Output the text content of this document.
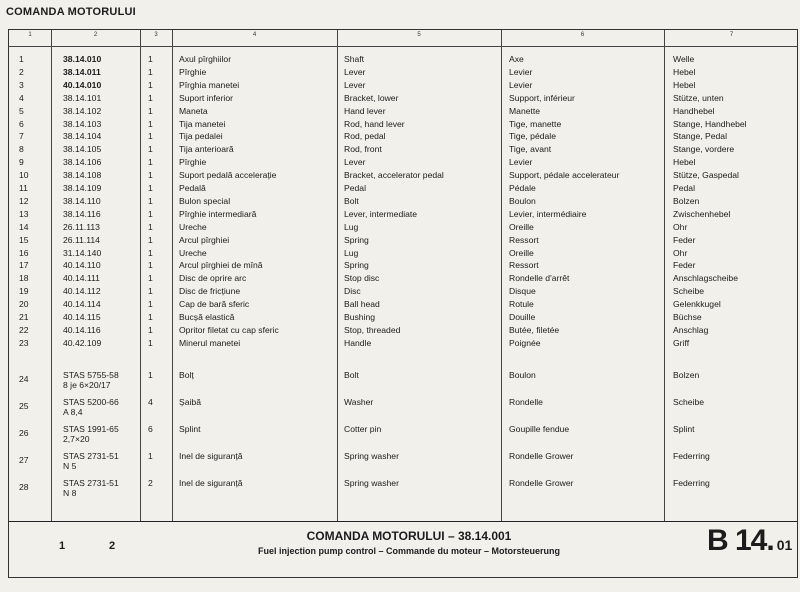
COMANDA MOTORULUI
1	2
COMANDA MOTORULUI – 38.14.001
Fuel injection pump control – Commande du moteur – Motorsteuerung	B 14. 01
1	2	3	4	5	6	7
1	38.14.010	1	Axul pîrghiilor	Shaft	Axe	Welle
2	38.14.011	1	Pîrghie	Lever	Levier	Hebel
3	40.14.010	1	Pîrghia manetei	Lever	Levier	Hebel
4	38.14.101	1	Suport inferior	Bracket, lower	Support, inférieur	Stütze, unten
5	38.14.102	1	Maneta	Hand lever	Manette	Handhebel
6	38.14.103	1	Tija manetei	Rod, hand lever	Tige, manette	Stange, Handhebel
7	38.14.104	1	Tija pedalei	Rod, pedal	Tige, pédale	Stange, Pedal
8	38.14.105	1	Tija anterioară	Rod, front	Tige, avant	Stange, vordere
9	38.14.106	1	Pîrghie	Lever	Levier	Hebel
10	38.14.108	1	Suport pedală accelerație	Bracket, accelerator pedal	Support, pédale accelerateur	Stütze, Gaspedal
11	38.14.109	1	Pedală	Pedal	Pédale	Pedal
12	38.14.110	1	Bulon special	Bolt	Boulon	Bolzen
13	38.14.116	1	Pîrghie intermediară	Lever, intermediate	Levier, intermédiaire	Zwischenhebel
14	26.11.113	1	Ureche	Lug	Oreille	Ohr
15	26.11.114	1	Arcul pîrghiei	Spring	Ressort	Feder
16	31.14.140	1	Ureche	Lug	Oreille	Ohr
17	40.14.110	1	Arcul pîrghiei de mînă	Spring	Ressort	Feder
18	40.14.111	1	Disc de oprire arc	Stop disc	Rondelle d'arrêt	Anschlagscheibe
19	40.14.112	1	Disc de fricțiune	Disc	Disque	Scheibe
20	40.14.114	1	Cap de bară sferic	Ball head	Rotule	Gelenkkugel
21	40.14.115	1	Bucșă elastică	Bushing	Douille	Büchse
22	40.14.116	1	Opritor filetat cu cap sferic	Stop, threaded	Butée, filetée	Anschlag
23	40.42.109	1	Minerul manetei	Handle	Poignée	Griff
24	STAS 5755-58	1	Bolț	Bolt	Boulon	Bolzen
8 je 6×20/17
25	STAS 5200-66	4	Șaibă	Washer	Rondelle	Scheibe
A 8,4
26	STAS 1991-65	6	Splint	Cotter pin	Goupille fendue	Splint
2,7×20
27	STAS 2731-51	1	Inel de siguranță	Spring washer	Rondelle Grower	Federring
N 5
28	STAS 2731-51	2	Inel de siguranță	Spring washer	Rondelle Grower	Federring
N 8
